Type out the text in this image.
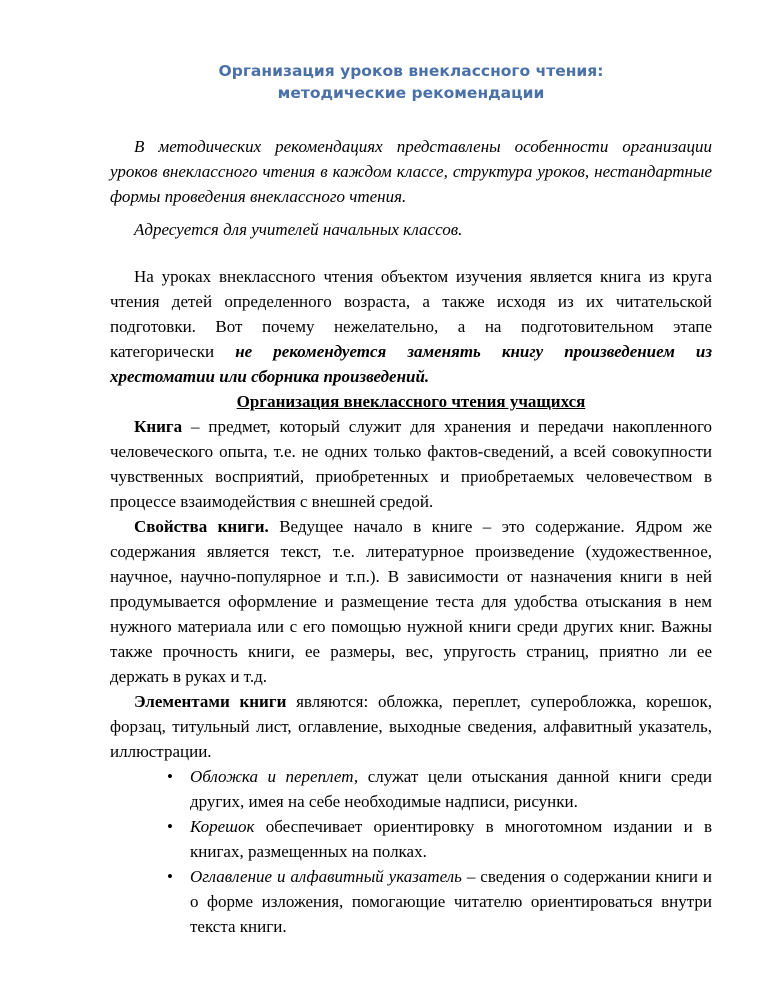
Организация уроков внеклассного чтения:
методические рекомендации

В методических рекомендациях представлены особенности организации уроков внеклассного чтения в каждом классе, структура уроков, нестандартные формы проведения внеклассного чтения.

Адресуется для учителей начальных классов.

На уроках внеклассного чтения объектом изучения является книга из круга чтения детей определенного возраста, а также исходя из их читательской подготовки. Вот почему нежелательно, а на подготовительном этапе категорически не рекомендуется заменять книгу произведением из хрестоматии или сборника произведений.

Организация внеклассного чтения учащихся

Книга – предмет, который служит для хранения и передачи накопленного человеческого опыта, т.е. не одних только фактов-сведений, а всей совокупности чувственных восприятий, приобретенных и приобретаемых человечеством в процессе взаимодействия с внешней средой.

Свойства книги. Ведущее начало в книге – это содержание. Ядром же содержания является текст, т.е. литературное произведение (художественное, научное, научно-популярное и т.п.). В зависимости от назначения книги в ней продумывается оформление и размещение теста для удобства отыскания в нем нужного материала или с его помощью нужной книги среди других книг. Важны также прочность книги, ее размеры, вес, упругость страниц, приятно ли ее держать в руках и т.д.

Элементами книги являются: обложка, переплет, суперобложка, корешок, форзац, титульный лист, оглавление, выходные сведения, алфавитный указатель, иллюстрации.

• Обложка и переплет, служат цели отыскания данной книги среди других, имея на себе необходимые надписи, рисунки.
• Корешок обеспечивает ориентировку в многотомном издании и в книгах, размещенных на полках.
• Оглавление и алфавитный указатель – сведения о содержании книги и о форме изложения, помогающие читателю ориентироваться внутри текста книги.
